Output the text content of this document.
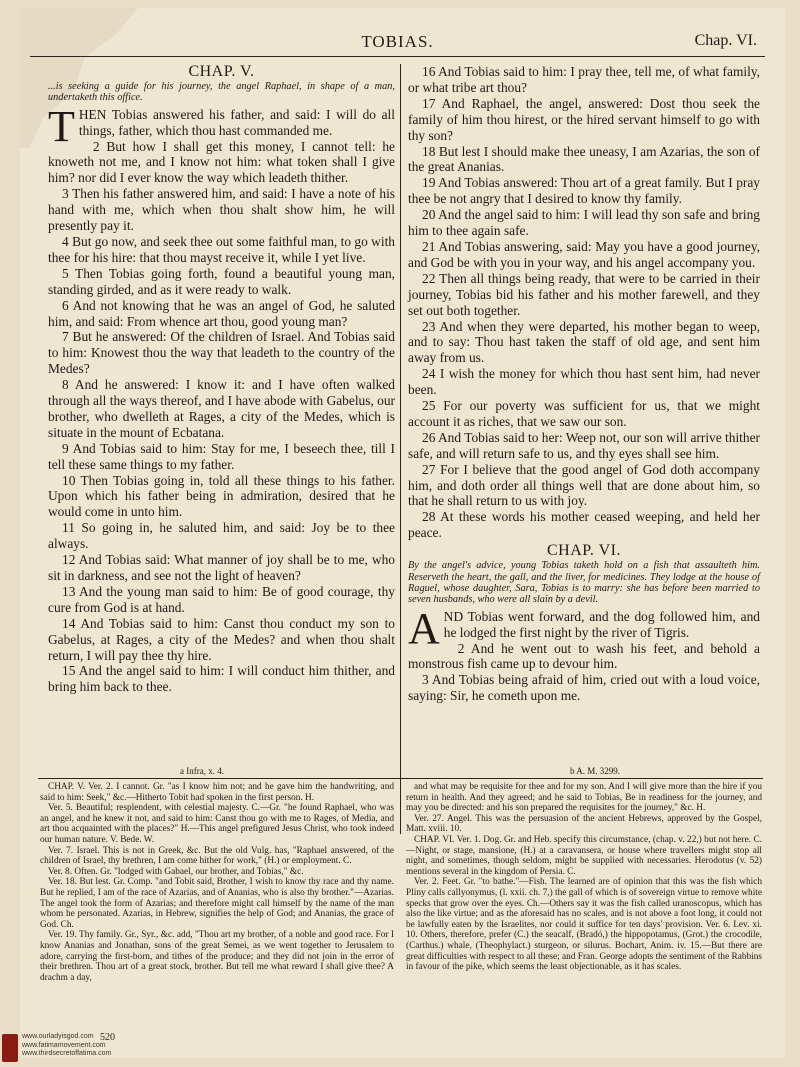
TOBIAS.	Chap. VI.
CHAP. V.
...is seeking a guide for his journey, the angel Raphael, in shape of a man, undertaketh this office.
T HEN Tobias answered his father, and said: I will do all things, father, which thou hast commanded me.

2 But how I shall get this money, I cannot tell: he knoweth not me, and I know not him: what token shall I give him? nor did I ever know the way which leadeth thither.

3 Then his father answered him, and said: I have a note of his hand with me, which when thou shalt show him, he will presently pay it.

4 But go now, and seek thee out some faithful man, to go with thee for his hire: that thou mayst receive it, while I yet live.

5 Then Tobias going forth, found a beautiful young man, standing girded, and as it were ready to walk.

6 And not knowing that he was an angel of God, he saluted him, and said: From whence art thou, good young man?

7 But he answered: Of the children of Israel. And Tobias said to him: Knowest thou the way that leadeth to the country of the Medes?

8 And he answered: I know it: and I have often walked through all the ways thereof, and I have abode with Gabelus, our brother, who dwelleth at Rages, a city of the Medes, which is situate in the mount of Ecbatana.

9 And Tobias said to him: Stay for me, I beseech thee, till I tell these same things to my father.

10 Then Tobias going in, told all these things to his father. Upon which his father being in admiration, desired that he would come in unto him.

11 So going in, he saluted him, and said: Joy be to thee always.

12 And Tobias said: What manner of joy shall be to me, who sit in darkness, and see not the light of heaven?

13 And the young man said to him: Be of good courage, thy cure from God is at hand.

14 And Tobias said to him: Canst thou conduct my son to Gabelus, at Rages, a city of the Medes? and when thou shalt return, I will pay thee thy hire.

15 And the angel said to him: I will conduct him thither, and bring him back to thee.

a Infra, x. 4.

16 And Tobias said to him: I pray thee, tell me, of what family, or what tribe art thou?

17 And Raphael, the angel, answered: Dost thou seek the family of him thou hirest, or the hired servant himself to go with thy son?

18 But lest I should make thee uneasy, I am Azarias, the son of the great Ananias.

19 And Tobias answered: Thou art of a great family. But I pray thee be not angry that I desired to know thy family.

20 And the angel said to him: I will lead thy son safe and bring him to thee again safe.

21 And Tobias answering, said: May you have a good journey, and God be with you in your way, and his angel accompany you.

22 Then all things being ready, that were to be carried in their journey, Tobias bid his father and his mother farewell, and they set out both together.

23 And when they were departed, his mother began to weep, and to say: Thou hast taken the staff of old age, and sent him away from us.

24 I wish the money for which thou hast sent him, had never been.

25 For our poverty was sufficient for us, that we might account it as riches, that we saw our son.

26 And Tobias said to her: Weep not, our son will arrive thither safe, and will return safe to us, and thy eyes shall see him.

27 For I believe that the good angel of God doth accompany him, and doth order all things well that are done about him, so that he shall return to us with joy.

28 At these words his mother ceased weeping, and held her peace.

CHAP. VI.
By the angel's advice, young Tobias taketh hold on a fish that assaulteth him. Reserveth the heart, the gall, and the liver, for medicines. They lodge at the house of Raguel, whose daughter, Sara, Tobias is to marry: she has before been married to seven husbands, who were all slain by a devil.
A ND Tobias went forward, and the dog followed him, and he lodged the first night by the river of Tigris.

2 And he went out to wash his feet, and behold a monstrous fish came up to devour him.

3 And Tobias being afraid of him, cried out with a loud voice, saying: Sir, he cometh upon me.

b A. M. 3299.

CHAP. V. Ver. 2. I cannot. Gr. "as I know him not; and he gave him the handwriting, and said to him: Seek," &c.—Hitherto Tobit had spoken in the first person. H.

Ver. 5. Beautiful; resplendent, with celestial majesty. C.—Gr. "he found Raphael, who was an angel, and he knew it not, and said to him: Canst thou go with me to Rages, of Media, and art thou acquainted with the places?" H.—This angel prefigured Jesus Christ, who took indeed our human nature. V. Bede. W.

Ver. 7. Israel. This is not in Greek, &c. But the old Vulg. has, "Raphael answered, of the children of Israel, thy brethren, I am come hither for work," (H.) or employment. C.

Ver. 8. Often. Gr. "lodged with Gabael, our brother, and Tobias," &c.

Ver. 18. But lest. Gr. Comp. "and Tobit said, Brother, I wish to know thy race and thy name. But he replied, I am of the race of Azarias, and of Ananias, who is also thy brother."—Azarias. The angel took the form of Azarias; and therefore might call himself by the name of the man whom he personated. Azarias, in Hebrew, signifies the help of God; and Ananias, the grace of God. Ch.

Ver. 19. Thy family. Gr., Syr., &c. add, "Thou art my brother, of a noble and good race. For I know Ananias and Jonathan, sons of the great Semei, as we went together to Jerusalem to adore, carrying the first-born, and tithes of the produce; and they did not join in the error of their brethren. Thou art of a great stock, brother. But tell me what reward I shall give thee? A drachm a day,

and what may be requisite for thee and for my son. And I will give more than the hire if you return in health. And they agreed; and he said to Tobias, Be in readiness for the journey, and may you be directed: and his son prepared the requisites for the journey," &c. H.

Ver. 27. Angel. This was the persuasion of the ancient Hebrews, approved by the Gospel, Matt. xviii. 10.

CHAP. VI. Ver. 1. Dog. Gr. and Heb. specify this circumstance, (chap. v. 22,) but not here. C.—Night, or stage, mansione, (H.) at a caravansera, or house where travellers might stop all night, and sometimes, though seldom, might be supplied with necessaries. Herodotus (v. 52) mentions several in the kingdom of Persia. C.

Ver. 2. Feet. Gr. "to bathe."—Fish. The learned are of opinion that this was the fish which Pliny calls callyonymus, (l. xxii. ch. 7,) the gall of which is of sovereign virtue to remove white specks that grow over the eyes. Ch.—Others say it was the fish called uranoscopus, which has also the like virtue; and as the aforesaid has no scales, and is not above a foot long, it could not be lawfully eaten by the Israelites, nor could it suffice for ten days' provision. Ver. 6. Lev. xi. 10. Others, therefore, prefer (C.) the seacalf, (Bradó,) the hippopotamus, (Grot.) the crocodile, (Carthus.) whale, (Theophylact.) sturgeon, or silurus. Bochart, Anim. iv. 15.—But there are great difficulties with respect to all these; and Fran. George adopts the sentiment of the Rabbins in favour of the pike, which seems the least objectionable, as it has scales.

520
www.ourladyisgod.com
www.fatimamovement.com
www.thirdsecretoffatima.com
